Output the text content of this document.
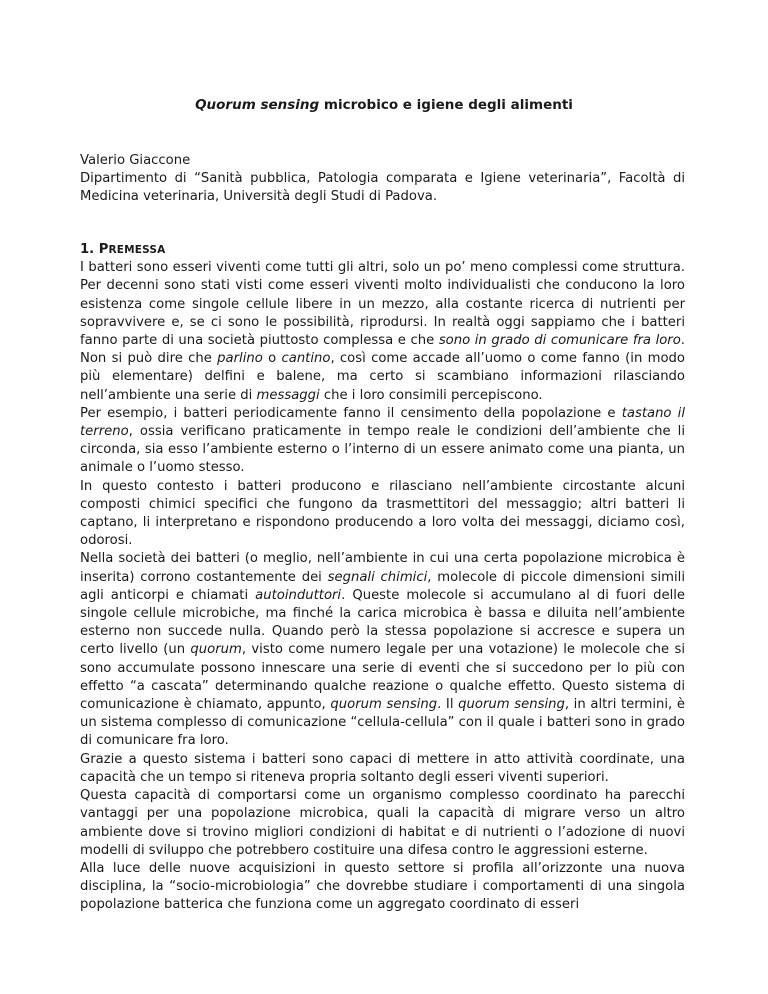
Quorum sensing microbico e igiene degli alimenti
Valerio Giaccone
Dipartimento di “Sanità pubblica, Patologia comparata e Igiene veterinaria”, Facoltà di Medicina veterinaria, Università degli Studi di Padova.
1. PREMESSA

I batteri sono esseri viventi come tutti gli altri, solo un po’ meno complessi come struttura. Per decenni sono stati visti come esseri viventi molto individualisti che conducono la loro esistenza come singole cellule libere in un mezzo, alla costante ricerca di nutrienti per sopravvivere e, se ci sono le possibilità, riprodursi. In realtà oggi sappiamo che i batteri fanno parte di una società piuttosto complessa e che sono in grado di comunicare fra loro. Non si può dire che parlino o cantino, così come accade all’uomo o come fanno (in modo più elementare) delfini e balene, ma certo si scambiano informazioni rilasciando nell’ambiente una serie di messaggi che i loro consimili percepiscono.

Per esempio, i batteri periodicamente fanno il censimento della popolazione e tastano il terreno, ossia verificano praticamente in tempo reale le condizioni dell’ambiente che li circonda, sia esso l’ambiente esterno o l’interno di un essere animato come una pianta, un animale o l’uomo stesso.

In questo contesto i batteri producono e rilasciano nell’ambiente circostante alcuni composti chimici specifici che fungono da trasmettitori del messaggio; altri batteri li captano, li interpretano e rispondono producendo a loro volta dei messaggi, diciamo così, odorosi.

Nella società dei batteri (o meglio, nell’ambiente in cui una certa popolazione microbica è inserita) corrono costantemente dei segnali chimici, molecole di piccole dimensioni simili agli anticorpi e chiamati autoinduttori. Queste molecole si accumulano al di fuori delle singole cellule microbiche, ma finché la carica microbica è bassa e diluita nell’ambiente esterno non succede nulla. Quando però la stessa popolazione si accresce e supera un certo livello (un quorum, visto come numero legale per una votazione) le molecole che si sono accumulate possono innescare una serie di eventi che si succedono per lo più con effetto “a cascata” determinando qualche reazione o qualche effetto. Questo sistema di comunicazione è chiamato, appunto, quorum sensing. Il quorum sensing, in altri termini, è un sistema complesso di comunicazione “cellula-cellula” con il quale i batteri sono in grado di comunicare fra loro.

Grazie a questo sistema i batteri sono capaci di mettere in atto attività coordinate, una capacità che un tempo si riteneva propria soltanto degli esseri viventi superiori.

Questa capacità di comportarsi come un organismo complesso coordinato ha parecchi vantaggi per una popolazione microbica, quali la capacità di migrare verso un altro ambiente dove si trovino migliori condizioni di habitat e di nutrienti o l’adozione di nuovi modelli di sviluppo che potrebbero costituire una difesa contro le aggressioni esterne.

Alla luce delle nuove acquisizioni in questo settore si profila all’orizzonte una nuova disciplina, la “socio-microbiologia” che dovrebbe studiare i comportamenti di una singola popolazione batterica che funziona come un aggregato coordinato di esseri
